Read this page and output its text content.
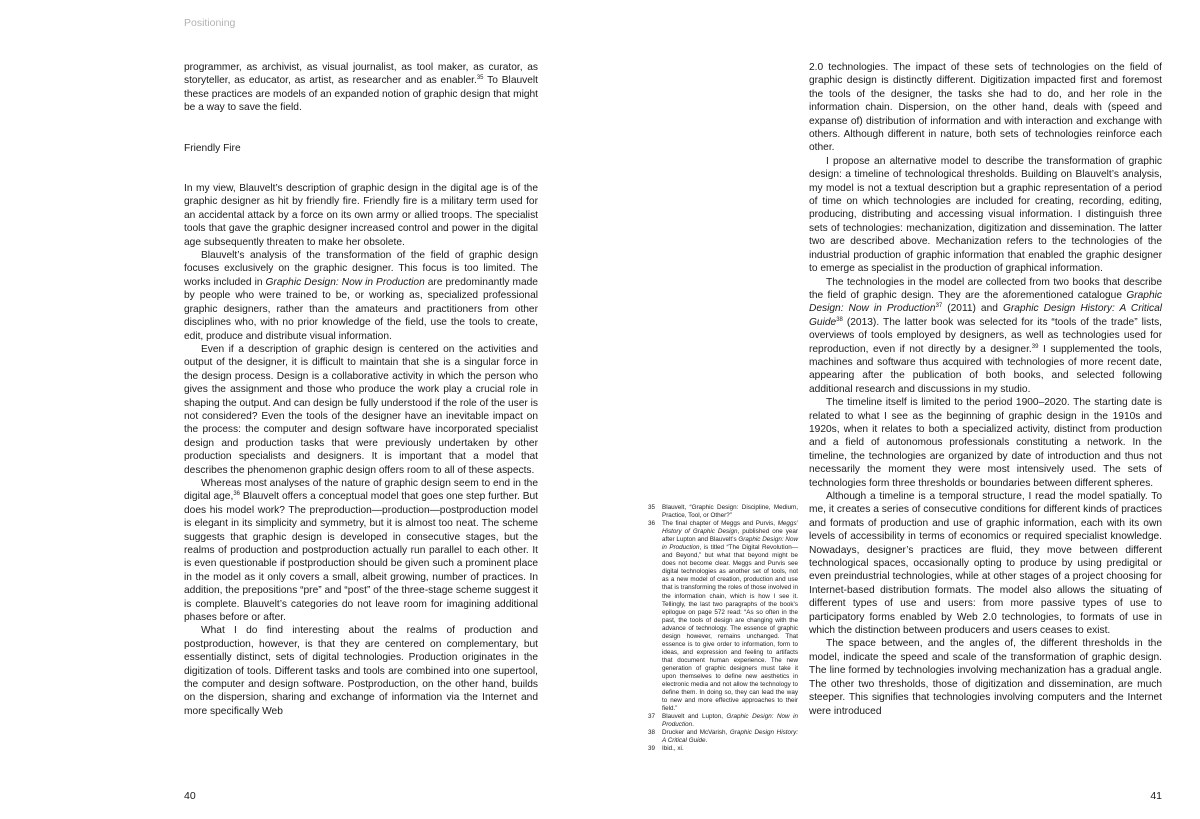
Positioning

programmer, as archivist, as visual journalist, as tool maker, as curator, as storyteller, as educator, as artist, as researcher and as enabler.$^{35}$ To Blauvelt these practices are models of an expanded notion of graphic design that might be a way to save the field.

Friendly Fire

In my view, Blauvelt’s description of graphic design in the digital age is of the graphic designer as hit by friendly fire. Friendly fire is a military term used for an accidental attack by a force on its own army or allied troops. The specialist tools that gave the graphic designer increased control and power in the digital age subsequently threaten to make her obsolete.

Blauvelt’s analysis of the transformation of the field of graphic design focuses exclusively on the graphic designer. This focus is too limited. The works included in Graphic Design: Now in Production are predominantly made by people who were trained to be, or working as, specialized professional graphic designers, rather than the amateurs and practitioners from other disciplines who, with no prior knowledge of the field, use the tools to create, edit, produce and distribute visual information.

Even if a description of graphic design is centered on the activities and output of the designer, it is difficult to maintain that she is a singular force in the design process. Design is a collaborative activity in which the person who gives the assignment and those who produce the work play a crucial role in shaping the output. And can design be fully understood if the role of the user is not considered? Even the tools of the designer have an inevitable impact on the process: the computer and design software have incorporated specialist design and production tasks that were previously undertaken by other production specialists and designers. It is important that a model that describes the phenomenon graphic design offers room to all of these aspects.

Whereas most analyses of the nature of graphic design seem to end in the digital age,$^{36}$ Blauvelt offers a conceptual model that goes one step further. But does his model work? The preproduction—production—postproduction model is elegant in its simplicity and symmetry, but it is almost too neat. The scheme suggests that graphic design is developed in consecutive stages, but the realms of production and postproduction actually run parallel to each other. It is even questionable if postproduction should be given such a prominent place in the model as it only covers a small, albeit growing, number of practices. In addition, the prepositions “pre” and “post” of the three-stage scheme suggest it is complete. Blauvelt’s categories do not leave room for imagining additional phases before or after.

What I do find interesting about the realms of production and postproduction, however, is that they are centered on complementary, but essentially distinct, sets of digital technologies. Production originates in the digitization of tools. Different tasks and tools are combined into one supertool, the computer and design software. Postproduction, on the other hand, builds on the dispersion, sharing and exchange of information via the Internet and more specifically Web

35 Blauvelt, “Graphic Design: Discipline, Medium, Practice, Tool, or Other?”
36 The final chapter of Meggs and Purvis, Meggs’ History of Graphic Design, published one year after Lupton and Blauvelt’s Graphic Design: Now in Production, is titled “The Digital Revolution—and Beyond,” but what that beyond might be does not become clear. Meggs and Purvis see digital technologies as another set of tools, not as a new model of creation, production and use that is transforming the roles of those involved in the information chain, which is how I see it. Tellingly, the last two paragraphs of the book’s epilogue on page 572 read: “As so often in the past, the tools of design are changing with the advance of technology. The essence of graphic design however, remains unchanged. That essence is to give order to information, form to ideas, and expression and feeling to artifacts that document human experience. The new generation of graphic designers must take it upon themselves to define new aesthetics in electronic media and not allow the technology to define them. In doing so, they can lead the way to new and more effective approaches to their field.”
37 Blauvelt and Lupton, Graphic Design: Now in Production.
38 Drucker and McVarish, Graphic Design History: A Critical Guide.
39 Ibid., xi.

2.0 technologies. The impact of these sets of technologies on the field of graphic design is distinctly different. Digitization impacted first and foremost the tools of the designer, the tasks she had to do, and her role in the information chain. Dispersion, on the other hand, deals with (speed and expanse of) distribution of information and with interaction and exchange with others. Although different in nature, both sets of technologies reinforce each other.

I propose an alternative model to describe the transformation of graphic design: a timeline of technological thresholds. Building on Blauvelt’s analysis, my model is not a textual description but a graphic representation of a period of time on which technologies are included for creating, recording, editing, producing, distributing and accessing visual information. I distinguish three sets of technologies: mechanization, digitization and dissemination. The latter two are described above. Mechanization refers to the technologies of the industrial production of graphic information that enabled the graphic designer to emerge as specialist in the production of graphical information.

The technologies in the model are collected from two books that describe the field of graphic design. They are the aforementioned catalogue Graphic Design: Now in Production$^{37}$ (2011) and Graphic Design History: A Critical Guide$^{38}$ (2013). The latter book was selected for its “tools of the trade” lists, overviews of tools employed by designers, as well as technologies used for reproduction, even if not directly by a designer.$^{39}$ I supplemented the tools, machines and software thus acquired with technologies of more recent date, appearing after the publication of both books, and selected following additional research and discussions in my studio.

The timeline itself is limited to the period 1900–2020. The starting date is related to what I see as the beginning of graphic design in the 1910s and 1920s, when it relates to both a specialized activity, distinct from production and a field of autonomous professionals constituting a network. In the timeline, the technologies are organized by date of introduction and thus not necessarily the moment they were most intensively used. The sets of technologies form three thresholds or boundaries between different spheres.

Although a timeline is a temporal structure, I read the model spatially. To me, it creates a series of consecutive conditions for different kinds of practices and formats of production and use of graphic information, each with its own levels of accessibility in terms of economics or required specialist knowledge. Nowadays, designer’s practices are fluid, they move between different technological spaces, occasionally opting to produce by using predigital or even preindustrial technologies, while at other stages of a project choosing for Internet-based distribution formats. The model also allows the situating of different types of use and users: from more passive types of use to participatory forms enabled by Web 2.0 technologies, to formats of use in which the distinction between producers and users ceases to exist.

The space between, and the angles of, the different thresholds in the model, indicate the speed and scale of the transformation of graphic design. The line formed by technologies involving mechanization has a gradual angle. The other two thresholds, those of digitization and dissemination, are much steeper. This signifies that technologies involving computers and the Internet were introduced

40	41
